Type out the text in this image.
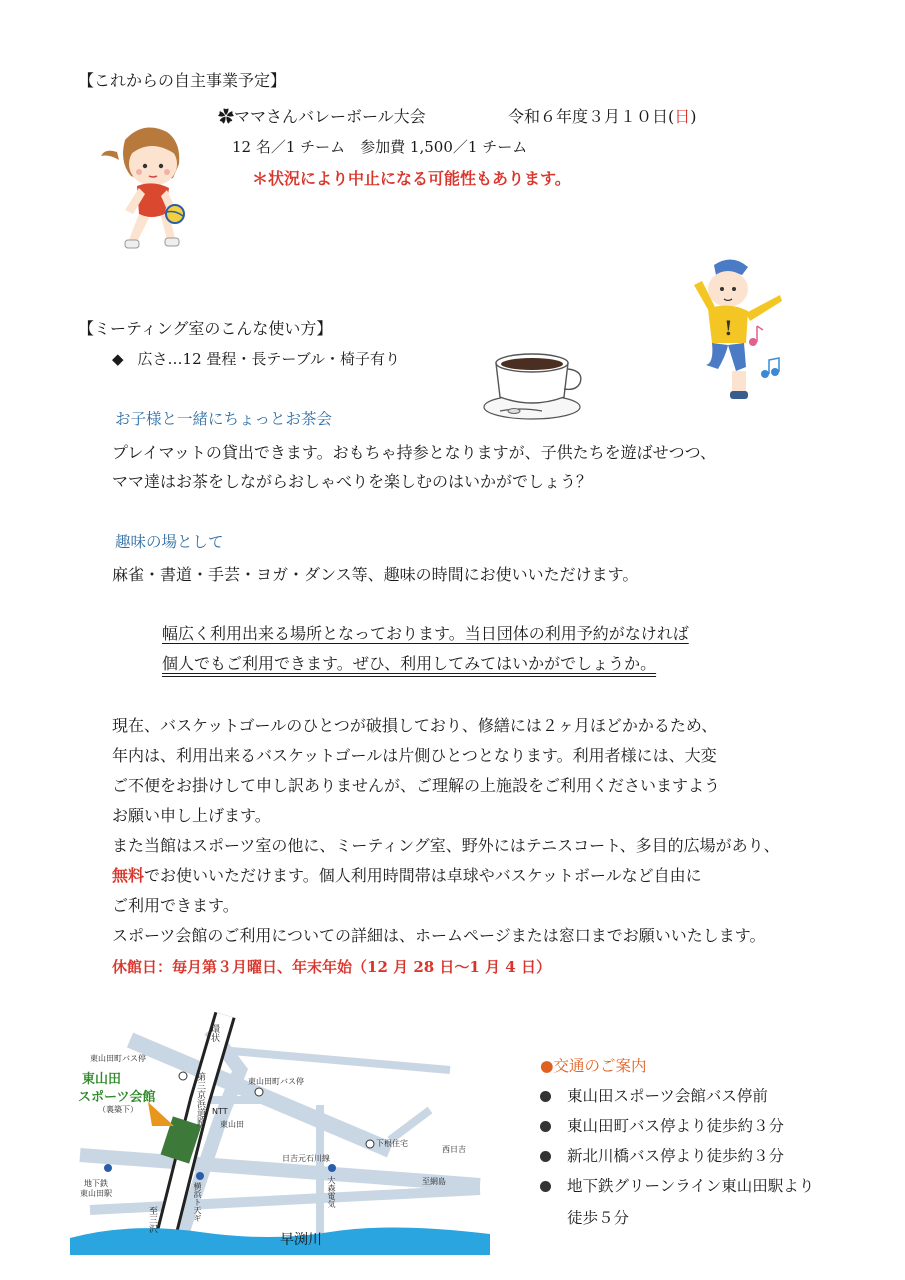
【これからの自主事業予定】
✿ママさんバレーボール大会	令和６年度３月１０日(日)
12 名／1 チーム　参加費 1,500／1 チーム
＊状況により中止になる可能性もあります。
!
【ミーティング室のこんな使い方】
◆ 広さ…12 畳程・長テーブル・椅子有り
お子様と一緒にちょっとお茶会
プレイマットの貸出できます。おもちゃ持参となりますが、子供たちを遊ばせつつ、
ママ達はお茶をしながらおしゃべりを楽しむのはいかがでしょう？
趣味の場として
麻雀・書道・手芸・ヨガ・ダンス等、趣味の時間にお使いいただけます。
幅広く利用出来る場所となっております。当日団体の利用予約がなければ
個人でもご利用できます。ぜひ、利用してみてはいかがでしょうか。
現在、バスケットゴールのひとつが破損しており、修繕には２ヶ月ほどかかるため、
年内は、利用出来るバスケットゴールは片側ひとつとなります。利用者様には、大変
ご不便をお掛けして申し訳ありませんが、ご理解の上施設をご利用くださいますよう
お願い申し上げます。
また当館はスポーツ室の他に、ミーティング室、野外にはテニスコート、多目的広場があり、
無料でお使いいただけます。個人利用時間帯は卓球やバスケットボールなど自由に
ご利用できます。
スポーツ会館のご利用についての詳細は、ホームページまたは窓口までお願いいたします。
休館日：毎月第３月曜日、年末年始（12 月 28 日～1 月 4 日）
東山田町バス停
東山田町バス停
NTT
東山田
環状
第三京浜道路
日吉元石川線
下根住宅
西日吉
至網島
地下鉄
東山田駅	横浜ト天ギ	大森電気
至三沢
早渕川
東山田
スポーツ会館
（裏築下）
●交通のご案内
東山田スポーツ会館バス停前
東山田町バス停より徒歩約３分
新北川橋バス停より徒歩約３分
地下鉄グリーンライン東山田駅より
徒歩５分
